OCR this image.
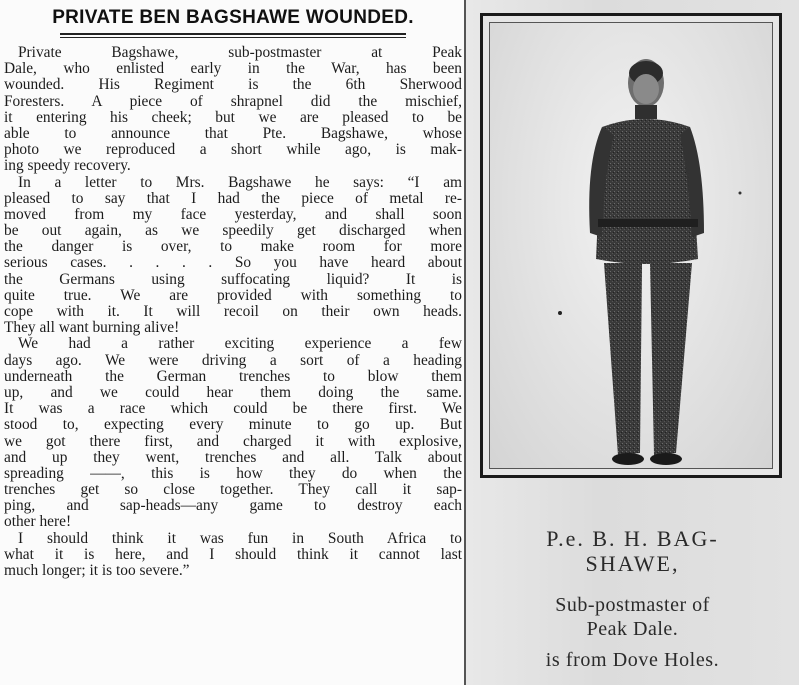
PRIVATE BEN BAGSHAWE WOUNDED.
Private Bagshawe, sub-postmaster at Peak
Dale, who enlisted early in the War, has been
wounded. His Regiment is the 6th Sherwood
Foresters. A piece of shrapnel did the mischief,
it entering his cheek; but we are pleased to be
able to announce that Pte. Bagshawe, whose
photo we reproduced a short while ago, is mak-
ing speedy recovery.
In a letter to Mrs. Bagshawe he says: “I am
pleased to say that I had the piece of metal re-
moved from my face yesterday, and shall soon
be out again, as we speedily get discharged when
the danger is over, to make room for more
serious cases. . . . . So you have heard about
the Germans using suffocating liquid? It is
quite true. We are provided with something to
cope with it. It will recoil on their own heads.
They all want burning alive!
We had a rather exciting experience a few
days ago. We were driving a sort of a heading
underneath the German trenches to blow them
up, and we could hear them doing the same.
It was a race which could be there first. We
stood to, expecting every minute to go up. But
we got there first, and charged it with explosive,
and up they went, trenches and all. Talk about
spreading ——, this is how they do when the
trenches get so close together. They call it sap-
ping, and sap-heads—any game to destroy each
other here!
I should think it was fun in South Africa to
what it is here, and I should think it cannot last
much longer; it is too severe.”
P.e. B. H. BAG-
SHAWE,
Sub-postmaster of
Peak Dale.
is from Dove Holes.
